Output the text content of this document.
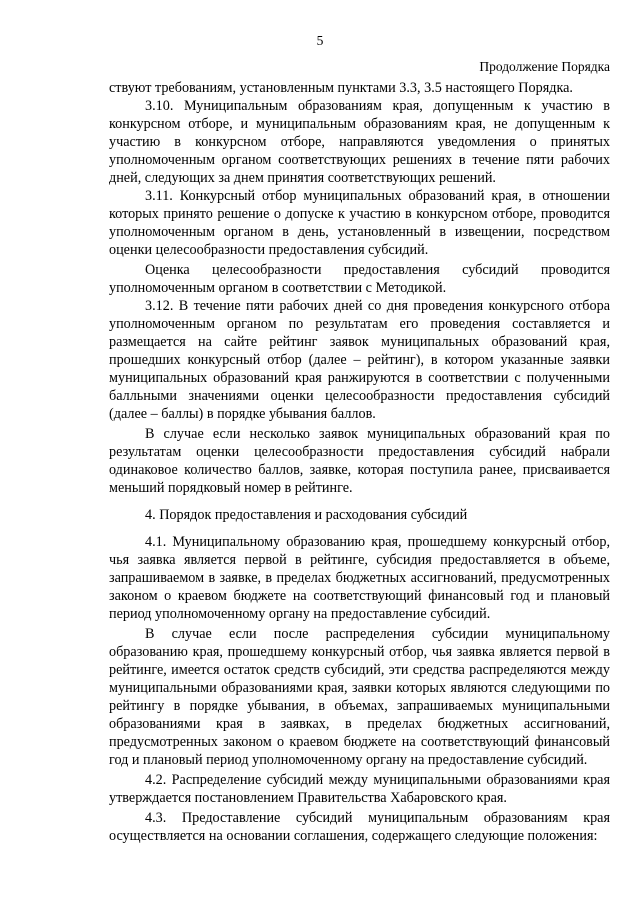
5
Продолжение Порядка

ствуют требованиям, установленным пунктами 3.3, 3.5 настоящего Порядка.

3.10. Муниципальным образованиям края, допущенным к участию в конкурсном отборе, и муниципальным образованиям края, не допущенным к участию в конкурсном отборе, направляются уведомления о принятых уполномоченным органом соответствующих решениях в течение пяти рабочих дней, следующих за днем принятия соответствующих решений.

3.11. Конкурсный отбор муниципальных образований края, в отношении которых принято решение о допуске к участию в конкурсном отборе, проводится уполномоченным органом в день, установленный в извещении, посредством оценки целесообразности предоставления субсидий.

Оценка целесообразности предоставления субсидий проводится уполномоченным органом в соответствии с Методикой.

3.12. В течение пяти рабочих дней со дня проведения конкурсного отбора уполномоченным органом по результатам его проведения составляется и размещается на сайте рейтинг заявок муниципальных образований края, прошедших конкурсный отбор (далее – рейтинг), в котором указанные заявки муниципальных образований края ранжируются в соответствии с полученными балльными значениями оценки целесообразности предоставления субсидий (далее – баллы) в порядке убывания баллов.

В случае если несколько заявок муниципальных образований края по результатам оценки целесообразности предоставления субсидий набрали одинаковое количество баллов, заявке, которая поступила ранее, присваивается меньший порядковый номер в рейтинге.

4. Порядок предоставления и расходования субсидий

4.1. Муниципальному образованию края, прошедшему конкурсный отбор, чья заявка является первой в рейтинге, субсидия предоставляется в объеме, запрашиваемом в заявке, в пределах бюджетных ассигнований, предусмотренных законом о краевом бюджете на соответствующий финансовый год и плановый период уполномоченному органу на предоставление субсидий.

В случае если после распределения субсидии муниципальному образованию края, прошедшему конкурсный отбор, чья заявка является первой в рейтинге, имеется остаток средств субсидий, эти средства распределяются между муниципальными образованиями края, заявки которых являются следующими по рейтингу в порядке убывания, в объемах, запрашиваемых муниципальными образованиями края в заявках, в пределах бюджетных ассигнований, предусмотренных законом о краевом бюджете на соответствующий финансовый год и плановый период уполномоченному органу на предоставление субсидий.

4.2. Распределение субсидий между муниципальными образованиями края утверждается постановлением Правительства Хабаровского края.

4.3. Предоставление субсидий муниципальным образованиям края осуществляется на основании соглашения, содержащего следующие положения:
